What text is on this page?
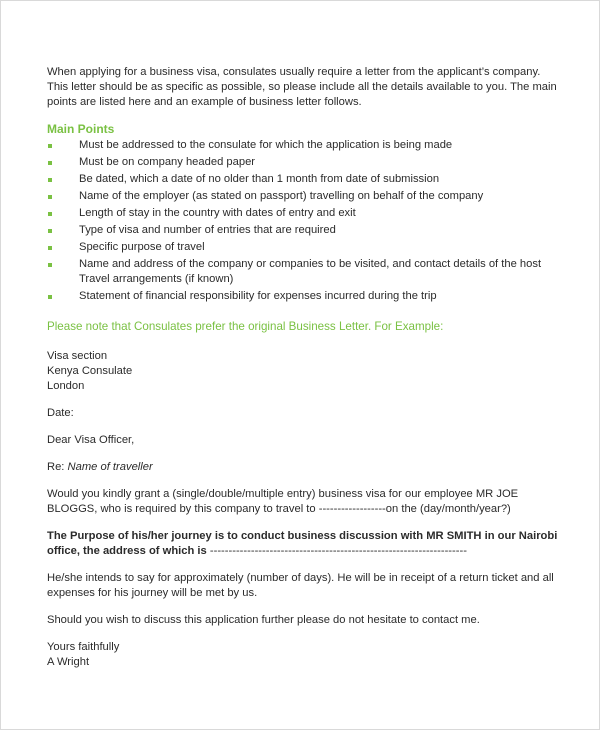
When applying for a business visa, consulates usually require a letter from the applicant’s company. This letter should be as specific as possible, so please include all the details available to you. The main points are listed here and an example of business letter follows.

Main Points

Must be addressed to the consulate for which the application is being made
Must be on company headed paper
Be dated, which a date of no older than 1 month from date of submission
Name of the employer (as stated on passport) travelling on behalf of the company
Length of stay in the country with dates of entry and exit
Type of visa and number of entries that are required
Specific purpose of travel
Name and address of the company or companies to be visited, and contact details of the host Travel arrangements (if known)
Statement of financial responsibility for expenses incurred during the trip

Please note that Consulates prefer the original Business Letter. For Example:

Visa section

Kenya Consulate

London

Date:

Dear Visa Officer,

Re: Name of traveller

Would you kindly grant a (single/double/multiple entry) business visa for our employee MR JOE BLOGGS, who is required by this company to travel to ------------------on the (day/month/year?)

The Purpose of his/her journey is to conduct business discussion with MR SMITH in our Nairobi office, the address of which is ---------------------------------------------------------------------

He/she intends to say for approximately (number of days). He will be in receipt of a return ticket and all expenses for his journey will be met by us.

Should you wish to discuss this application further please do not hesitate to contact me.

Yours faithfully

A Wright
